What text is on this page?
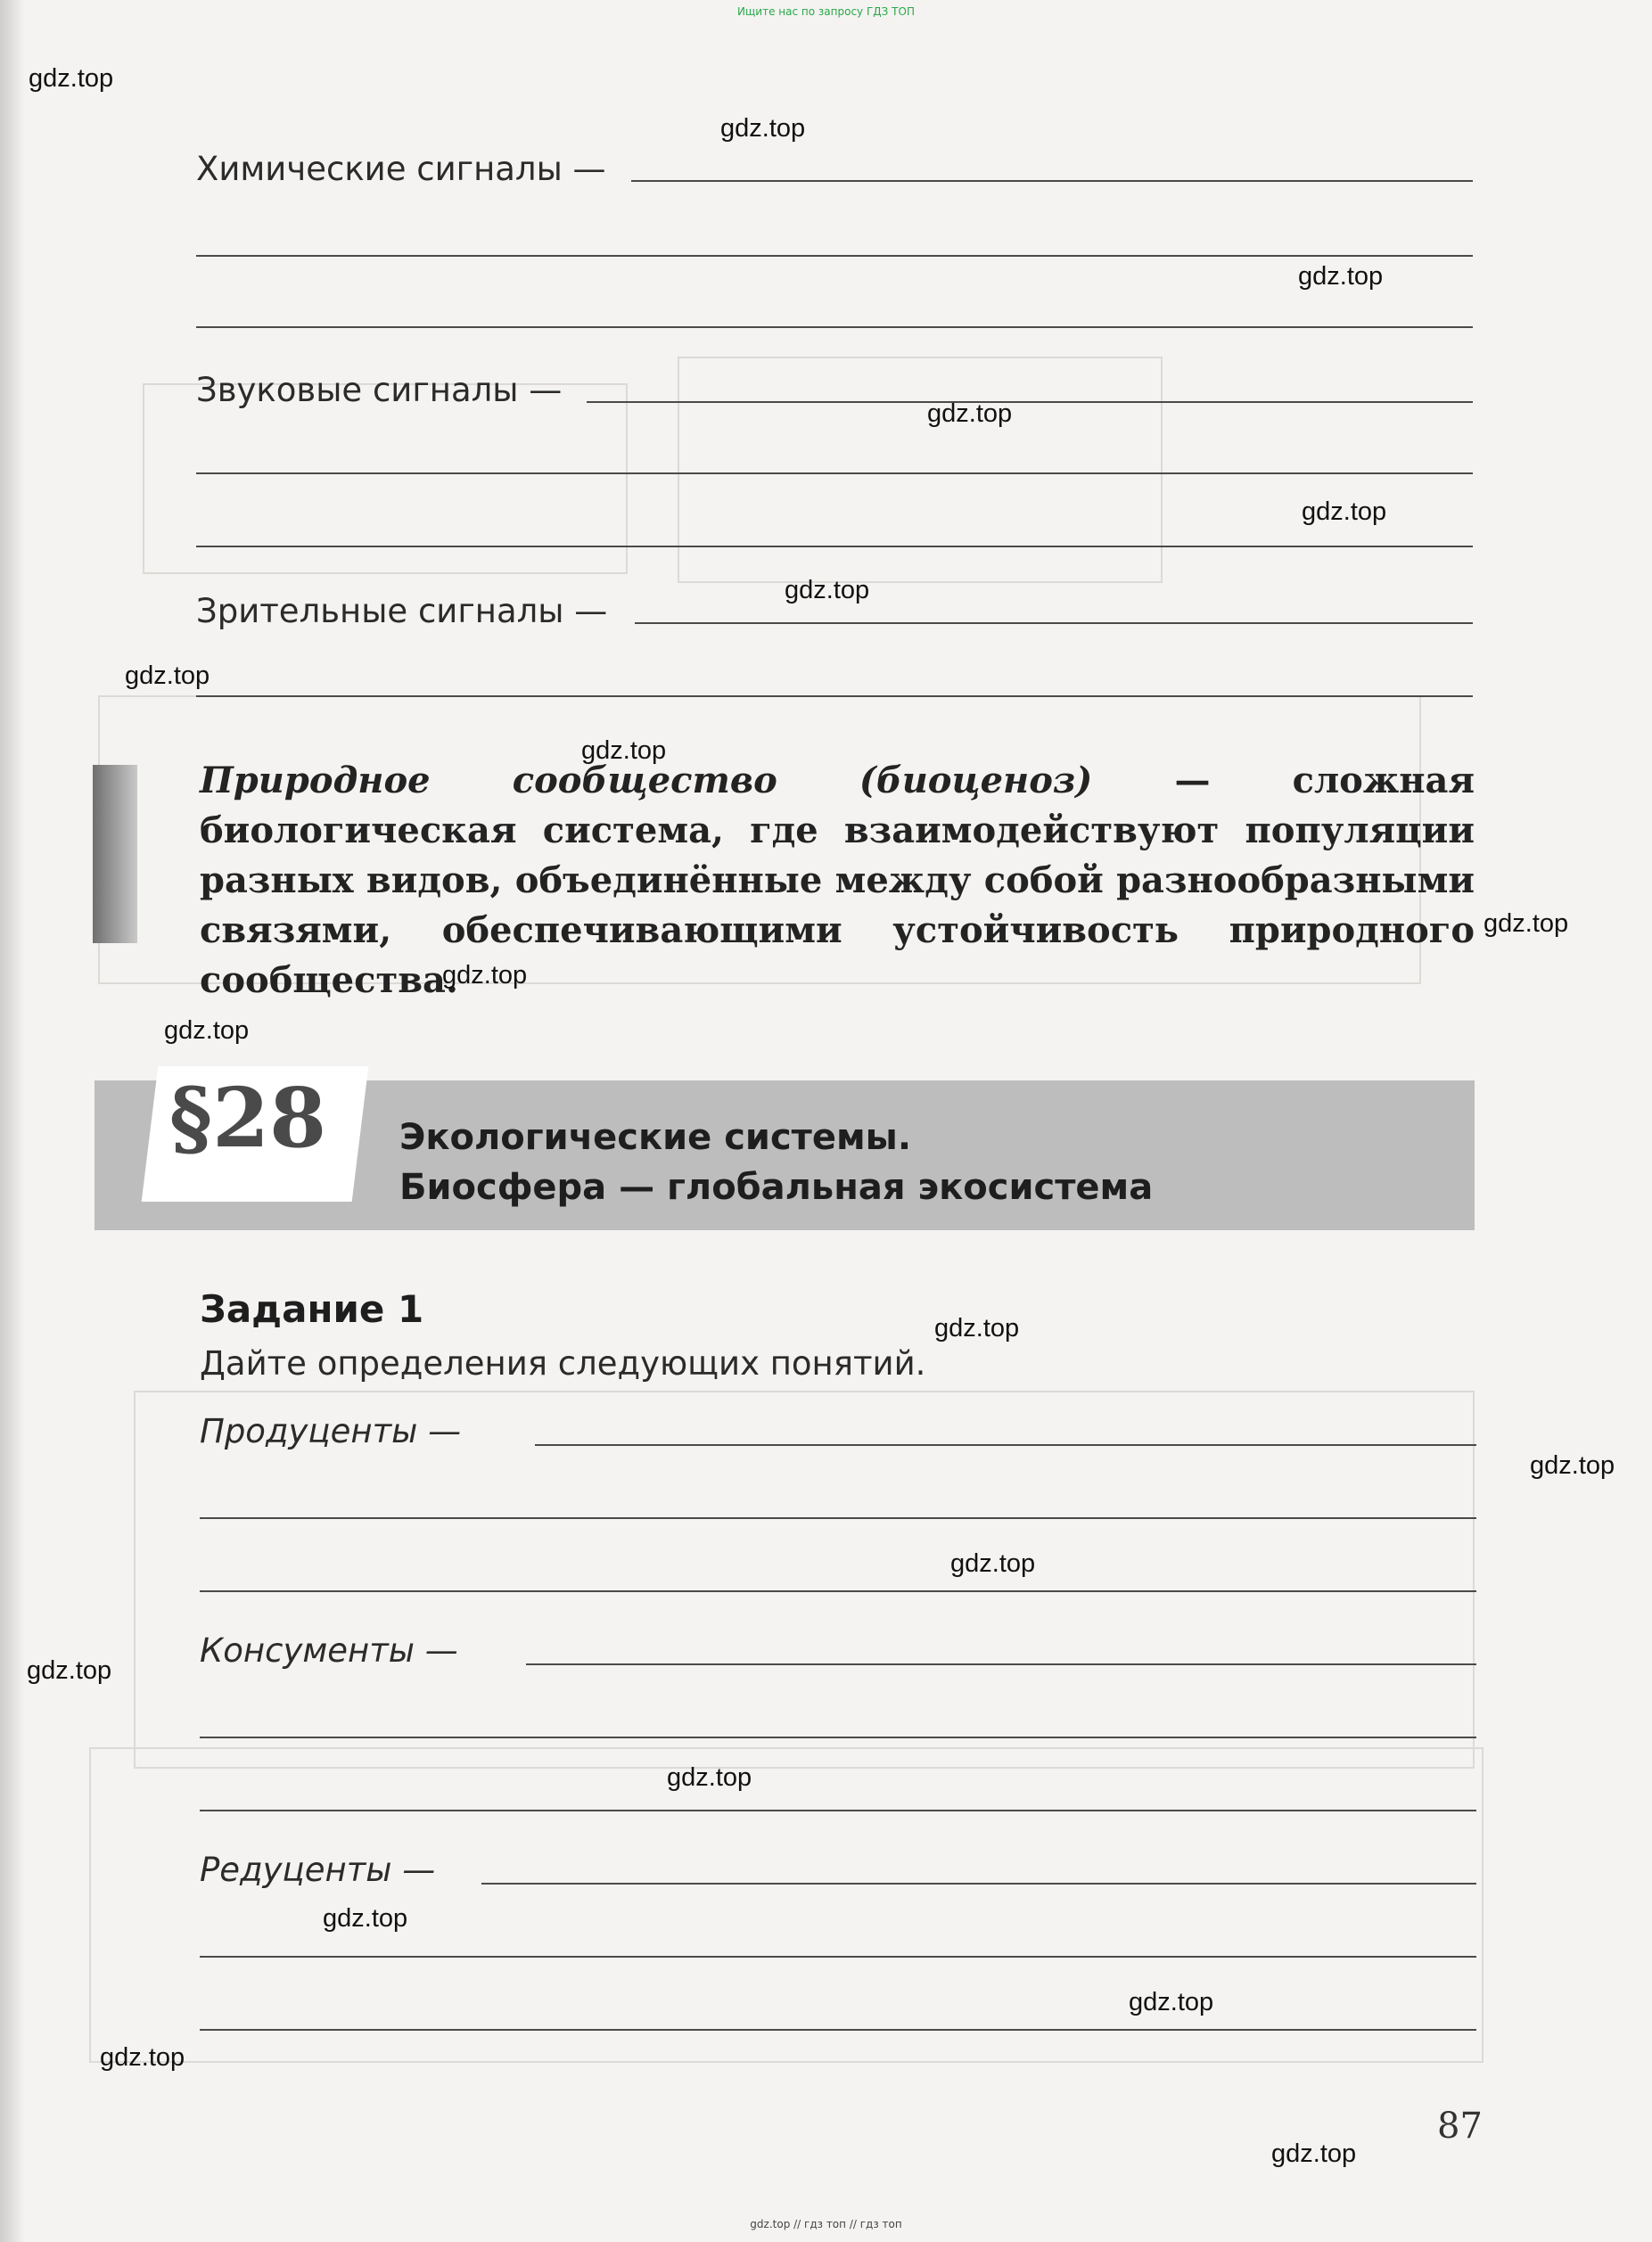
Ищите нас по запросу ГДЗ ТОП
Химические сигналы —
Звуковые сигналы —
Зрительные сигналы —
Природное сообщество (биоценоз) — сложная биологическая система, где взаимодействуют популяции разных видов, объединённые между собой разнообразными связями, обеспечивающими устойчивость природного сообщества.
§28 Экологические системы.
Биосфера — глобальная экосистема
Задание 1
Дайте определения следующих понятий.
Продуценты —
Консументы —
Редуценты —
87
gdz.top
gdz.top
gdz.top
gdz.top
gdz.top
gdz.top
gdz.top
gdz.top
gdz.top
gdz.top
gdz.top
gdz.top
gdz.top
gdz.top
gdz.top
gdz.top
gdz.top
gdz.top
gdz.top
gdz.top
gdz.top // гдз топ // гдз топ
